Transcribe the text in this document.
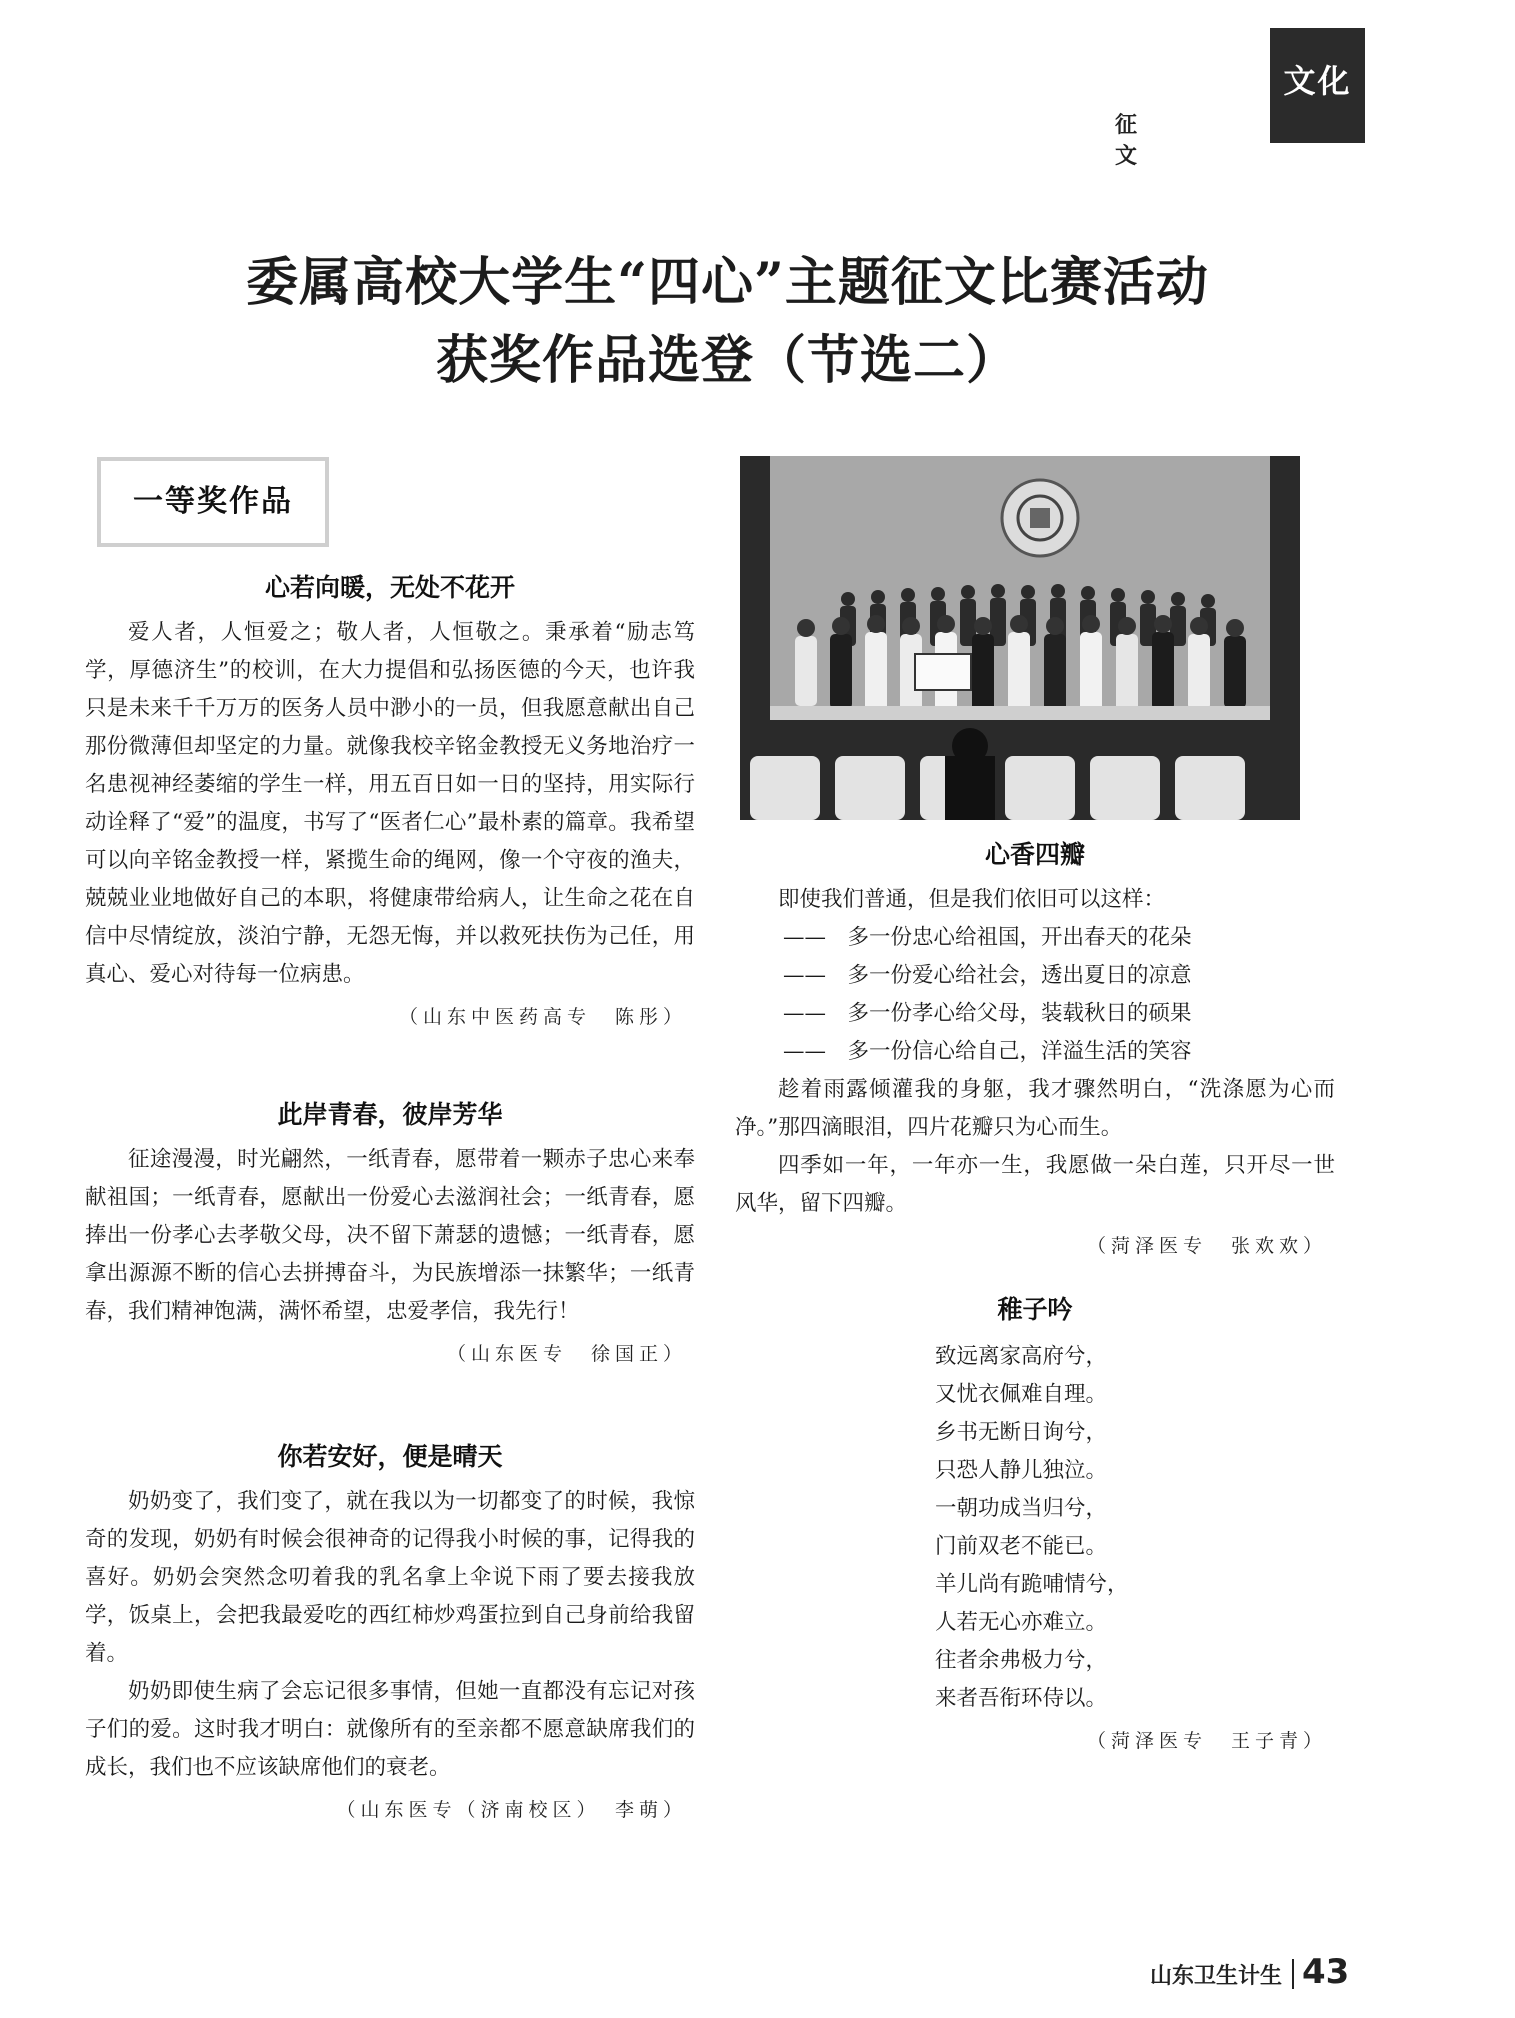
文化
征文
委属高校大学生“四心”主题征文比赛活动
获奖作品选登（节选二）
一等奖作品
心若向暖，无处不花开

爱人者，人恒爱之；敬人者，人恒敬之。秉承着“励志笃学，厚德济生”的校训，在大力提倡和弘扬医德的今天，也许我只是未来千千万万的医务人员中渺小的一员，但我愿意献出自己那份微薄但却坚定的力量。就像我校辛铭金教授无义务地治疗一名患视神经萎缩的学生一样，用五百日如一日的坚持，用实际行动诠释了“爱”的温度，书写了“医者仁心”最朴素的篇章。我希望可以向辛铭金教授一样，紧揽生命的绳网，像一个守夜的渔夫，兢兢业业地做好自己的本职，将健康带给病人，让生命之花在自信中尽情绽放，淡泊宁静，无怨无悔，并以救死扶伤为己任，用真心、爱心对待每一位病患。

（山东中医药高专　陈彤）
此岸青春，彼岸芳华

征途漫漫，时光翩然，一纸青春，愿带着一颗赤子忠心来奉献祖国；一纸青春，愿献出一份爱心去滋润社会；一纸青春，愿捧出一份孝心去孝敬父母，决不留下萧瑟的遗憾；一纸青春，愿拿出源源不断的信心去拼搏奋斗，为民族增添一抹繁华；一纸青春，我们精神饱满，满怀希望，忠爱孝信，我先行！

（山东医专　徐国正）
你若安好，便是晴天

奶奶变了，我们变了，就在我以为一切都变了的时候，我惊奇的发现，奶奶有时候会很神奇的记得我小时候的事，记得我的喜好。奶奶会突然念叨着我的乳名拿上伞说下雨了要去接我放学，饭桌上，会把我最爱吃的西红柿炒鸡蛋拉到自己身前给我留着。

奶奶即使生病了会忘记很多事情，但她一直都没有忘记对孩子们的爱。这时我才明白：就像所有的至亲都不愿意缺席我们的成长，我们也不应该缺席他们的衰老。

（山东医专（济南校区）　李萌）
心香四瓣

即使我们普通，但是我们依旧可以这样：

——　多一份忠心给祖国，开出春天的花朵
——　多一份爱心给社会，透出夏日的凉意
——　多一份孝心给父母，装载秋日的硕果
——　多一份信心给自己，洋溢生活的笑容

趁着雨露倾灌我的身躯，我才骤然明白，“洗涤愿为心而净。”那四滴眼泪，四片花瓣只为心而生。

四季如一年，一年亦一生，我愿做一朵白莲，只开尽一世风华，留下四瓣。

（菏泽医专　张欢欢）
稚子吟
致远离家高府兮，
又忧衣佩难自理。
乡书无断日询兮，
只恐人静儿独泣。
一朝功成当归兮，
门前双老不能已。
羊儿尚有跪哺情兮，
人若无心亦难立。
往者余弗极力兮，
来者吾衔环侍以。
（菏泽医专　王子青）
山东卫生计生 43
